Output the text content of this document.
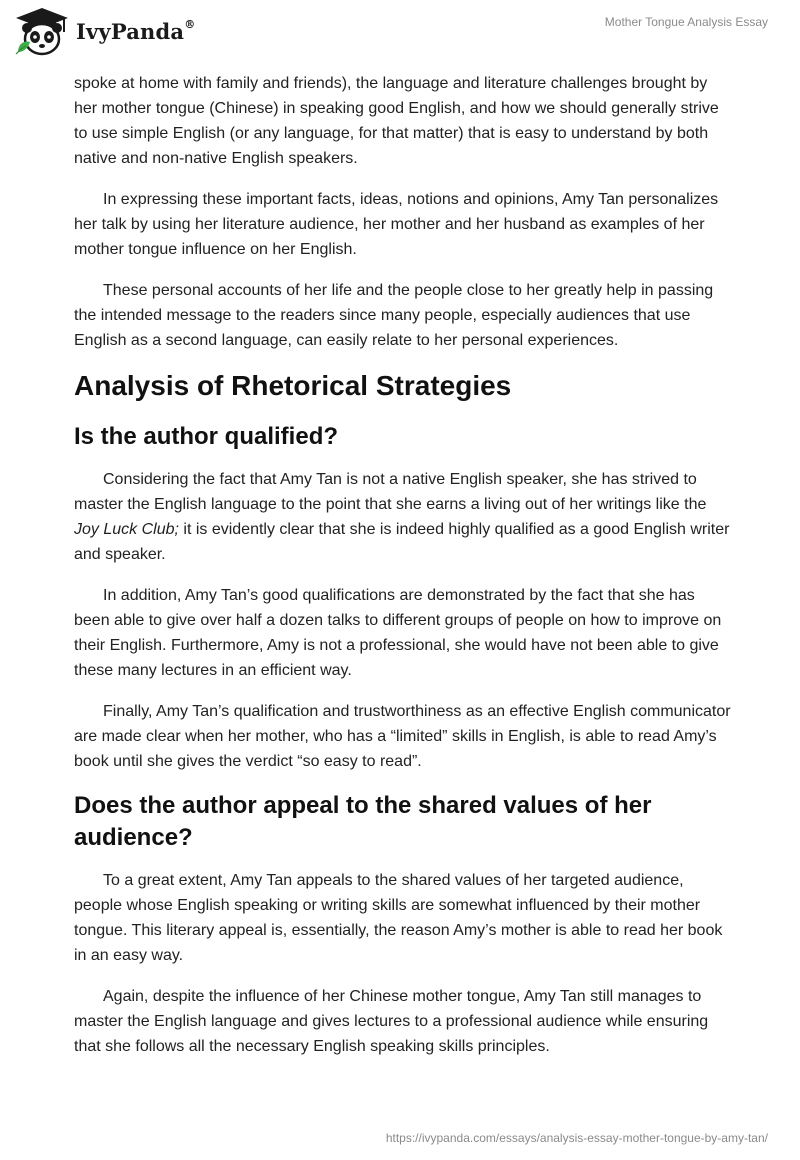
IvyPanda®	Mother Tongue Analysis Essay

spoke at home with family and friends), the language and literature challenges brought by her mother tongue (Chinese) in speaking good English, and how we should generally strive to use simple English (or any language, for that matter) that is easy to understand by both native and non-native English speakers.

In expressing these important facts, ideas, notions and opinions, Amy Tan personalizes her talk by using her literature audience, her mother and her husband as examples of her mother tongue influence on her English.

These personal accounts of her life and the people close to her greatly help in passing the intended message to the readers since many people, especially audiences that use English as a second language, can easily relate to her personal experiences.

Analysis of Rhetorical Strategies
Is the author qualified?

Considering the fact that Amy Tan is not a native English speaker, she has strived to master the English language to the point that she earns a living out of her writings like the Joy Luck Club; it is evidently clear that she is indeed highly qualified as a good English writer and speaker.

In addition, Amy Tan’s good qualifications are demonstrated by the fact that she has been able to give over half a dozen talks to different groups of people on how to improve on their English. Furthermore, Amy is not a professional, she would have not been able to give these many lectures in an efficient way.

Finally, Amy Tan’s qualification and trustworthiness as an effective English communicator are made clear when her mother, who has a “limited” skills in English, is able to read Amy’s book until she gives the verdict “so easy to read”.

Does the author appeal to the shared values of her audience?

To a great extent, Amy Tan appeals to the shared values of her targeted audience, people whose English speaking or writing skills are somewhat influenced by their mother tongue. This literary appeal is, essentially, the reason Amy’s mother is able to read her book in an easy way.

Again, despite the influence of her Chinese mother tongue, Amy Tan still manages to master the English language and gives lectures to a professional audience while ensuring that she follows all the necessary English speaking skills principles.

https://ivypanda.com/essays/analysis-essay-mother-tongue-by-amy-tan/
